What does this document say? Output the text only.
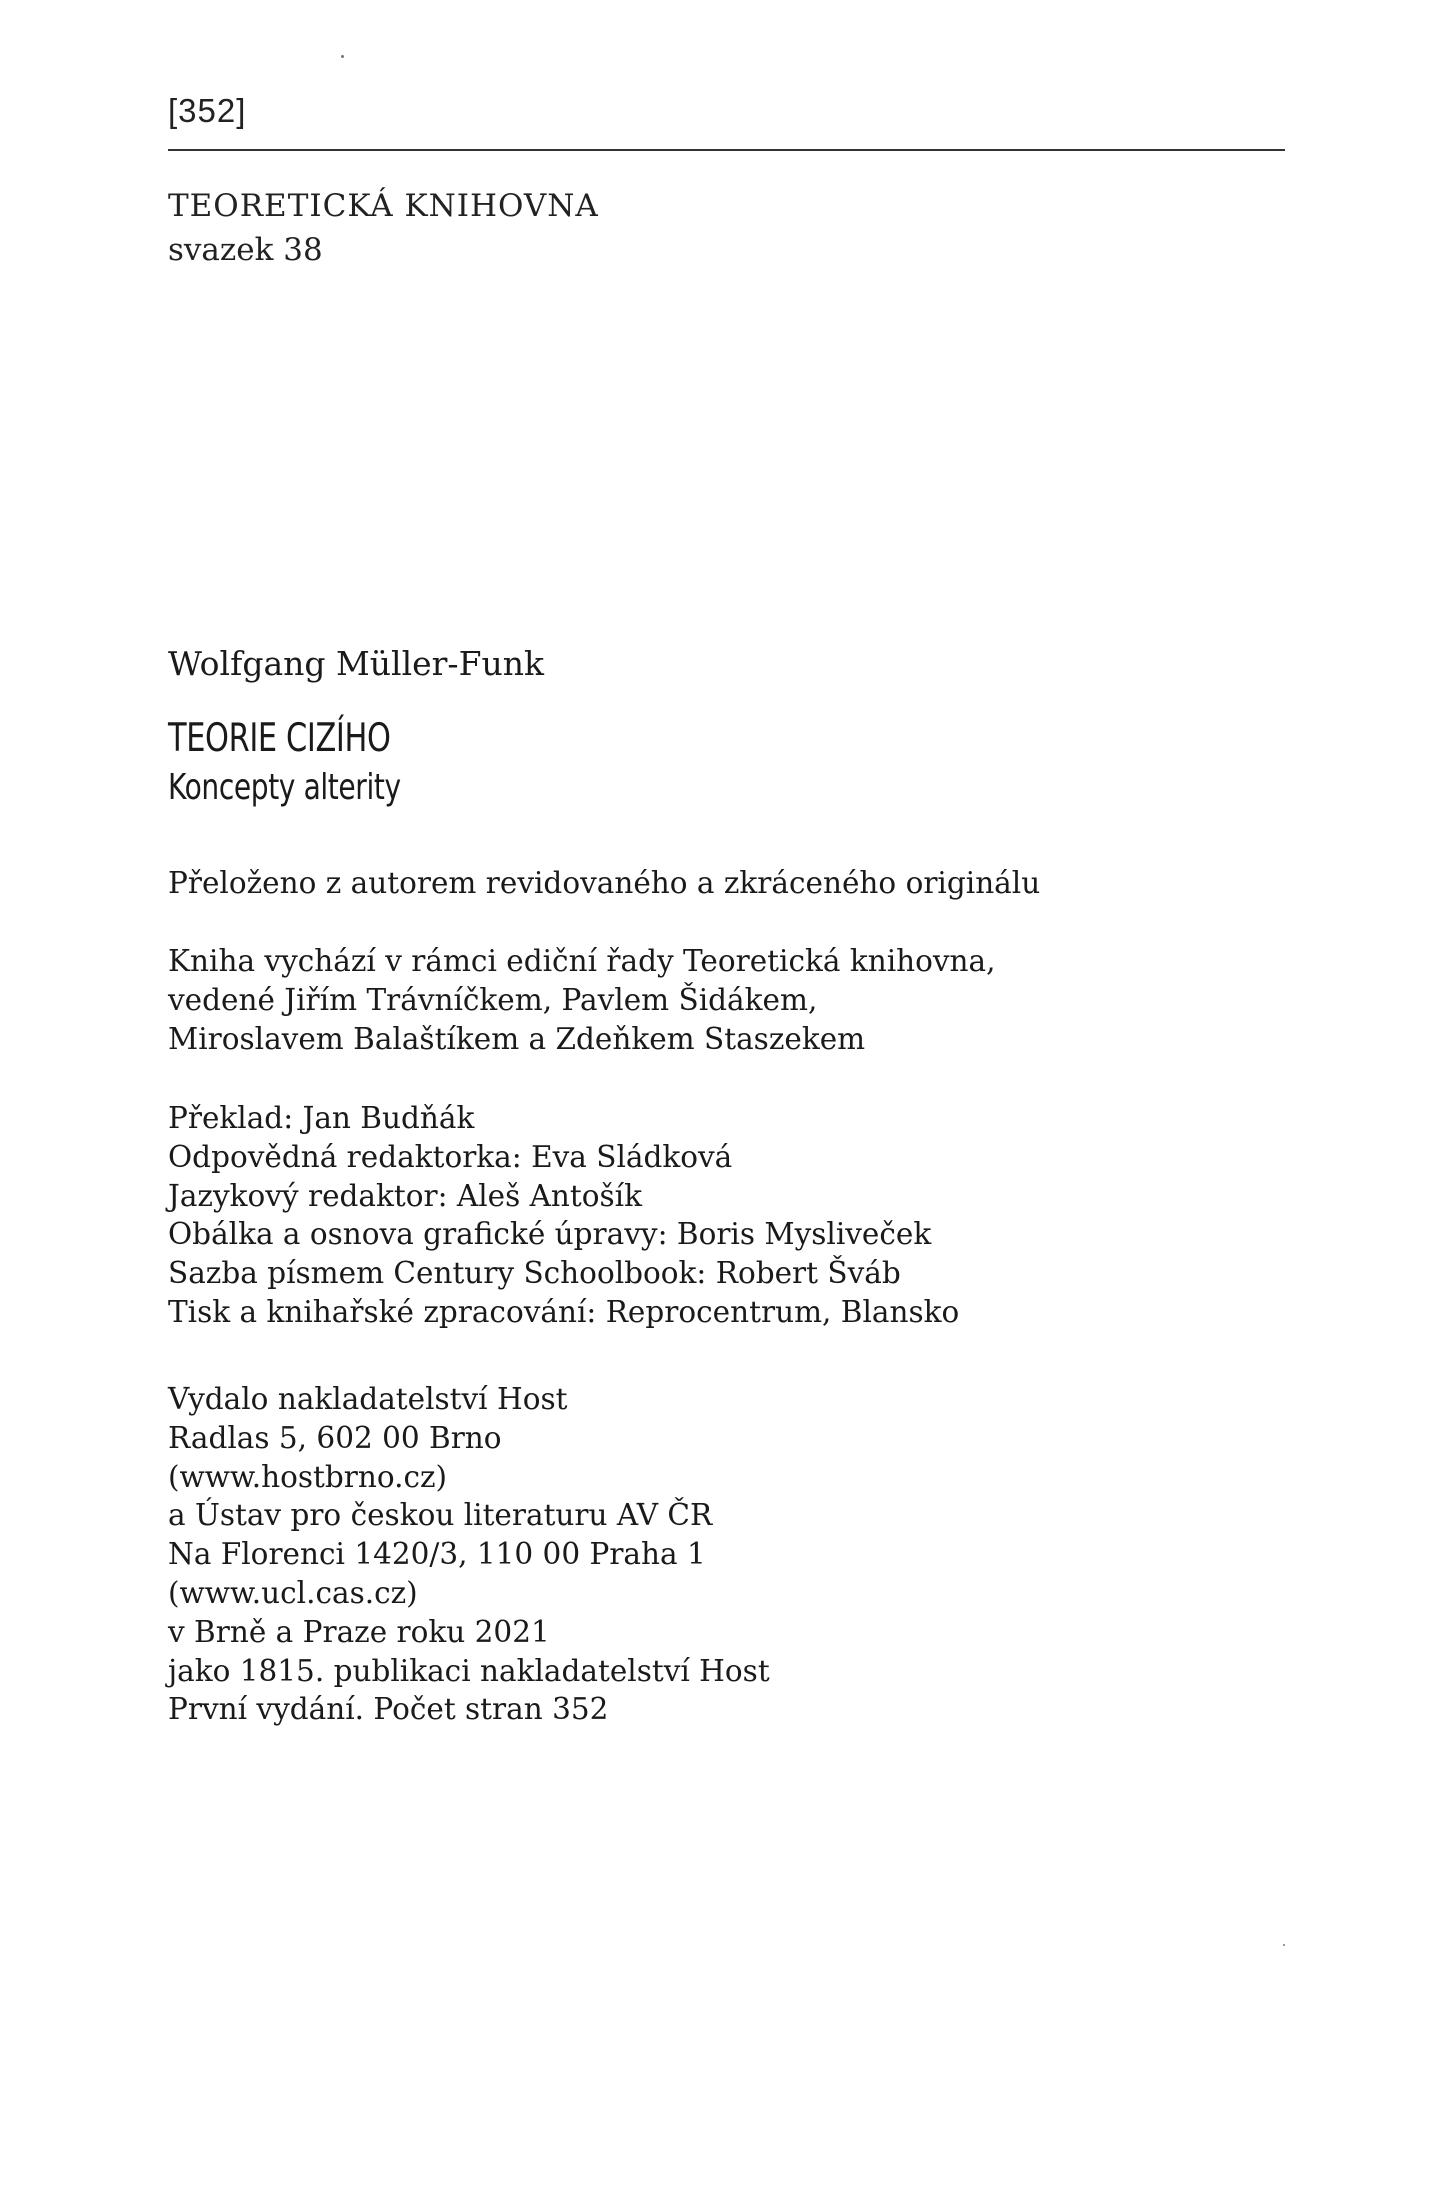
[352]
TEORETICKÁ KNIHOVNA
svazek 38
Wolfgang Müller-Funk
TEORIE CIZÍHO
Koncepty alterity
Přeloženo z autorem revidovaného a zkráceného originálu
Kniha vychází v rámci ediční řady Teoretická knihovna,
vedené Jiřím Trávníčkem, Pavlem Šidákem,
Miroslavem Balaštíkem a Zdeňkem Staszekem
Překlad: Jan Budňák
Odpovědná redaktorka: Eva Sládková
Jazykový redaktor: Aleš Antošík
Obálka a osnova grafické úpravy: Boris Myslivеček
Sazba písmem Century Schoolbook: Robert Šváb
Tisk a knihařské zpracování: Reprocentrum, Blansko
Vydalo nakladatelství Host
Radlas 5, 602 00 Brno
(www.hostbrno.cz)
a Ústav pro českou literaturu AV ČR
Na Florenci 1420/3, 110 00 Praha 1
(www.ucl.cas.cz)
v Brně a Praze roku 2021
jako 1815. publikaci nakladatelství Host
První vydání. Počet stran 352
